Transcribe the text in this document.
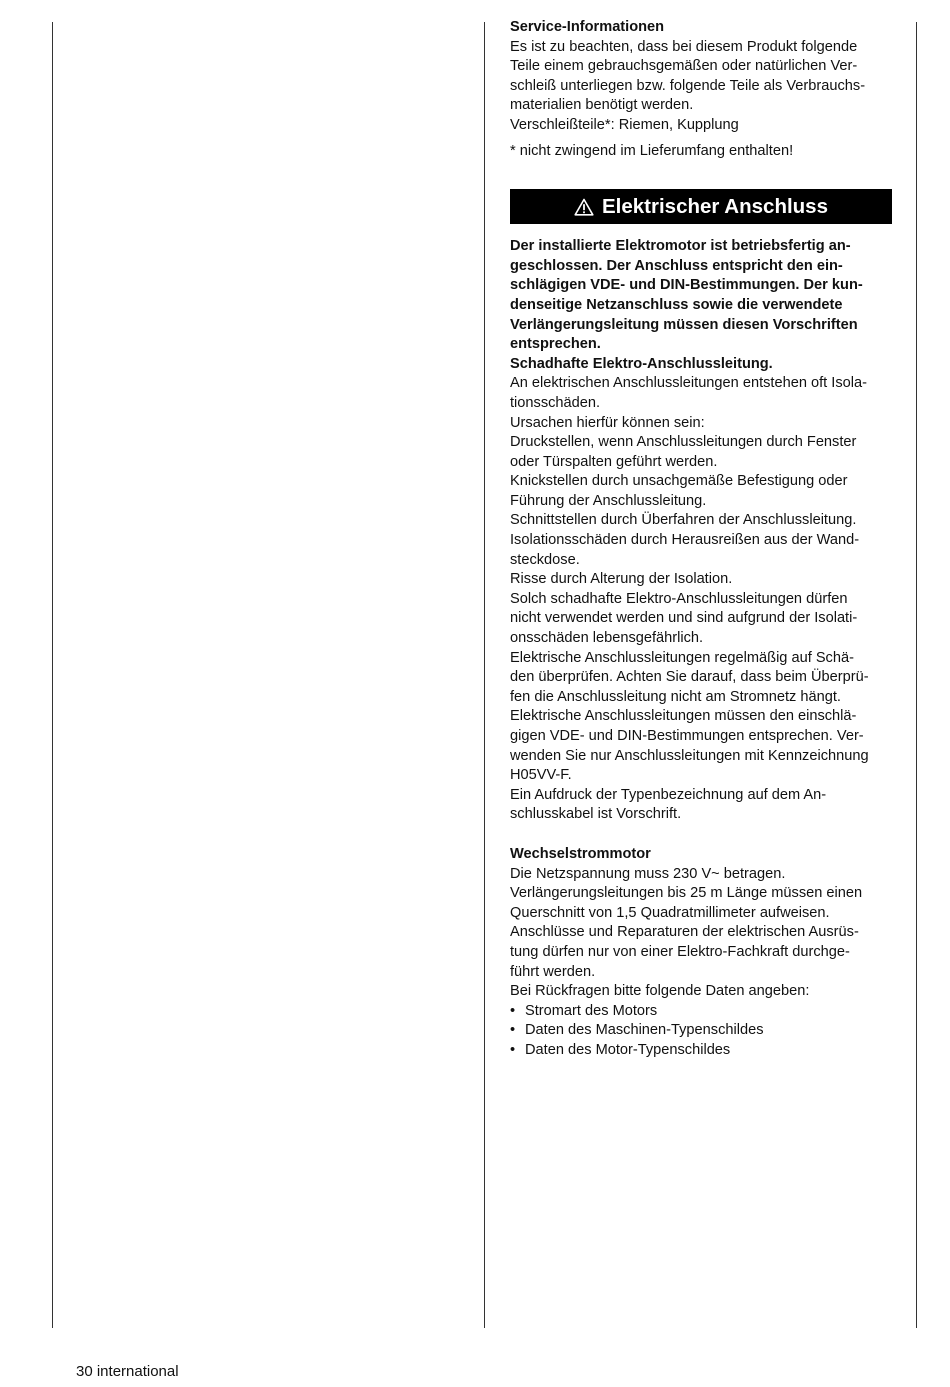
Service-Informationen

Es ist zu beachten, dass bei diesem Produkt folgende

Teile einem gebrauchsgemäßen oder natürlichen Ver-

schleiß unterliegen bzw. folgende Teile als Verbrauchs-

materialien benötigt werden.

Verschleißteile*: Riemen, Kupplung

* nicht zwingend im Lieferumfang enthalten!

Elektrischer Anschluss

Der installierte Elektromotor ist betriebsfertig an-

geschlossen. Der Anschluss entspricht den ein-

schlägigen VDE- und DIN-Bestimmungen. Der kun-

denseitige Netzanschluss sowie die verwendete

Verlängerungsleitung müssen diesen Vorschriften

entsprechen.

Schadhafte Elektro-Anschlussleitung.

An elektrischen Anschlussleitungen entstehen oft Isola-

tionsschäden.

Ursachen hierfür können sein:

Druckstellen, wenn Anschlussleitungen durch Fenster

oder Türspalten geführt werden.

Knickstellen durch unsachgemäße Befestigung oder

Führung der Anschlussleitung.

Schnittstellen durch Überfahren der Anschlussleitung.

Isolationsschäden durch Herausreißen aus der Wand-

steckdose.

Risse durch Alterung der Isolation.

Solch schadhafte Elektro-Anschlussleitungen dürfen

nicht verwendet werden und sind aufgrund der Isolati-

onsschäden lebensgefährlich.

Elektrische Anschlussleitungen regelmäßig auf Schä-

den überprüfen. Achten Sie darauf, dass beim Überprü-

fen die Anschlussleitung nicht am Stromnetz hängt.

Elektrische Anschlussleitungen müssen den einschlä-

gigen VDE- und DIN-Bestimmungen entsprechen. Ver-

wenden Sie nur Anschlussleitungen mit Kennzeichnung

H05VV-F.

Ein Aufdruck der Typenbezeichnung auf dem An-

schlusskabel ist Vorschrift.

Wechselstrommotor

Die Netzspannung muss 230 V~ betragen.

Verlängerungsleitungen bis 25 m Länge müssen einen

Querschnitt von 1,5 Quadratmillimeter aufweisen.

Anschlüsse und Reparaturen der elektrischen Ausrüs-

tung dürfen nur von einer Elektro-Fachkraft durchge-

führt werden.

Bei Rückfragen bitte folgende Daten angeben:

• Stromart des Motors
• Daten des Maschinen-Typenschildes
• Daten des Motor-Typenschildes
30 international
